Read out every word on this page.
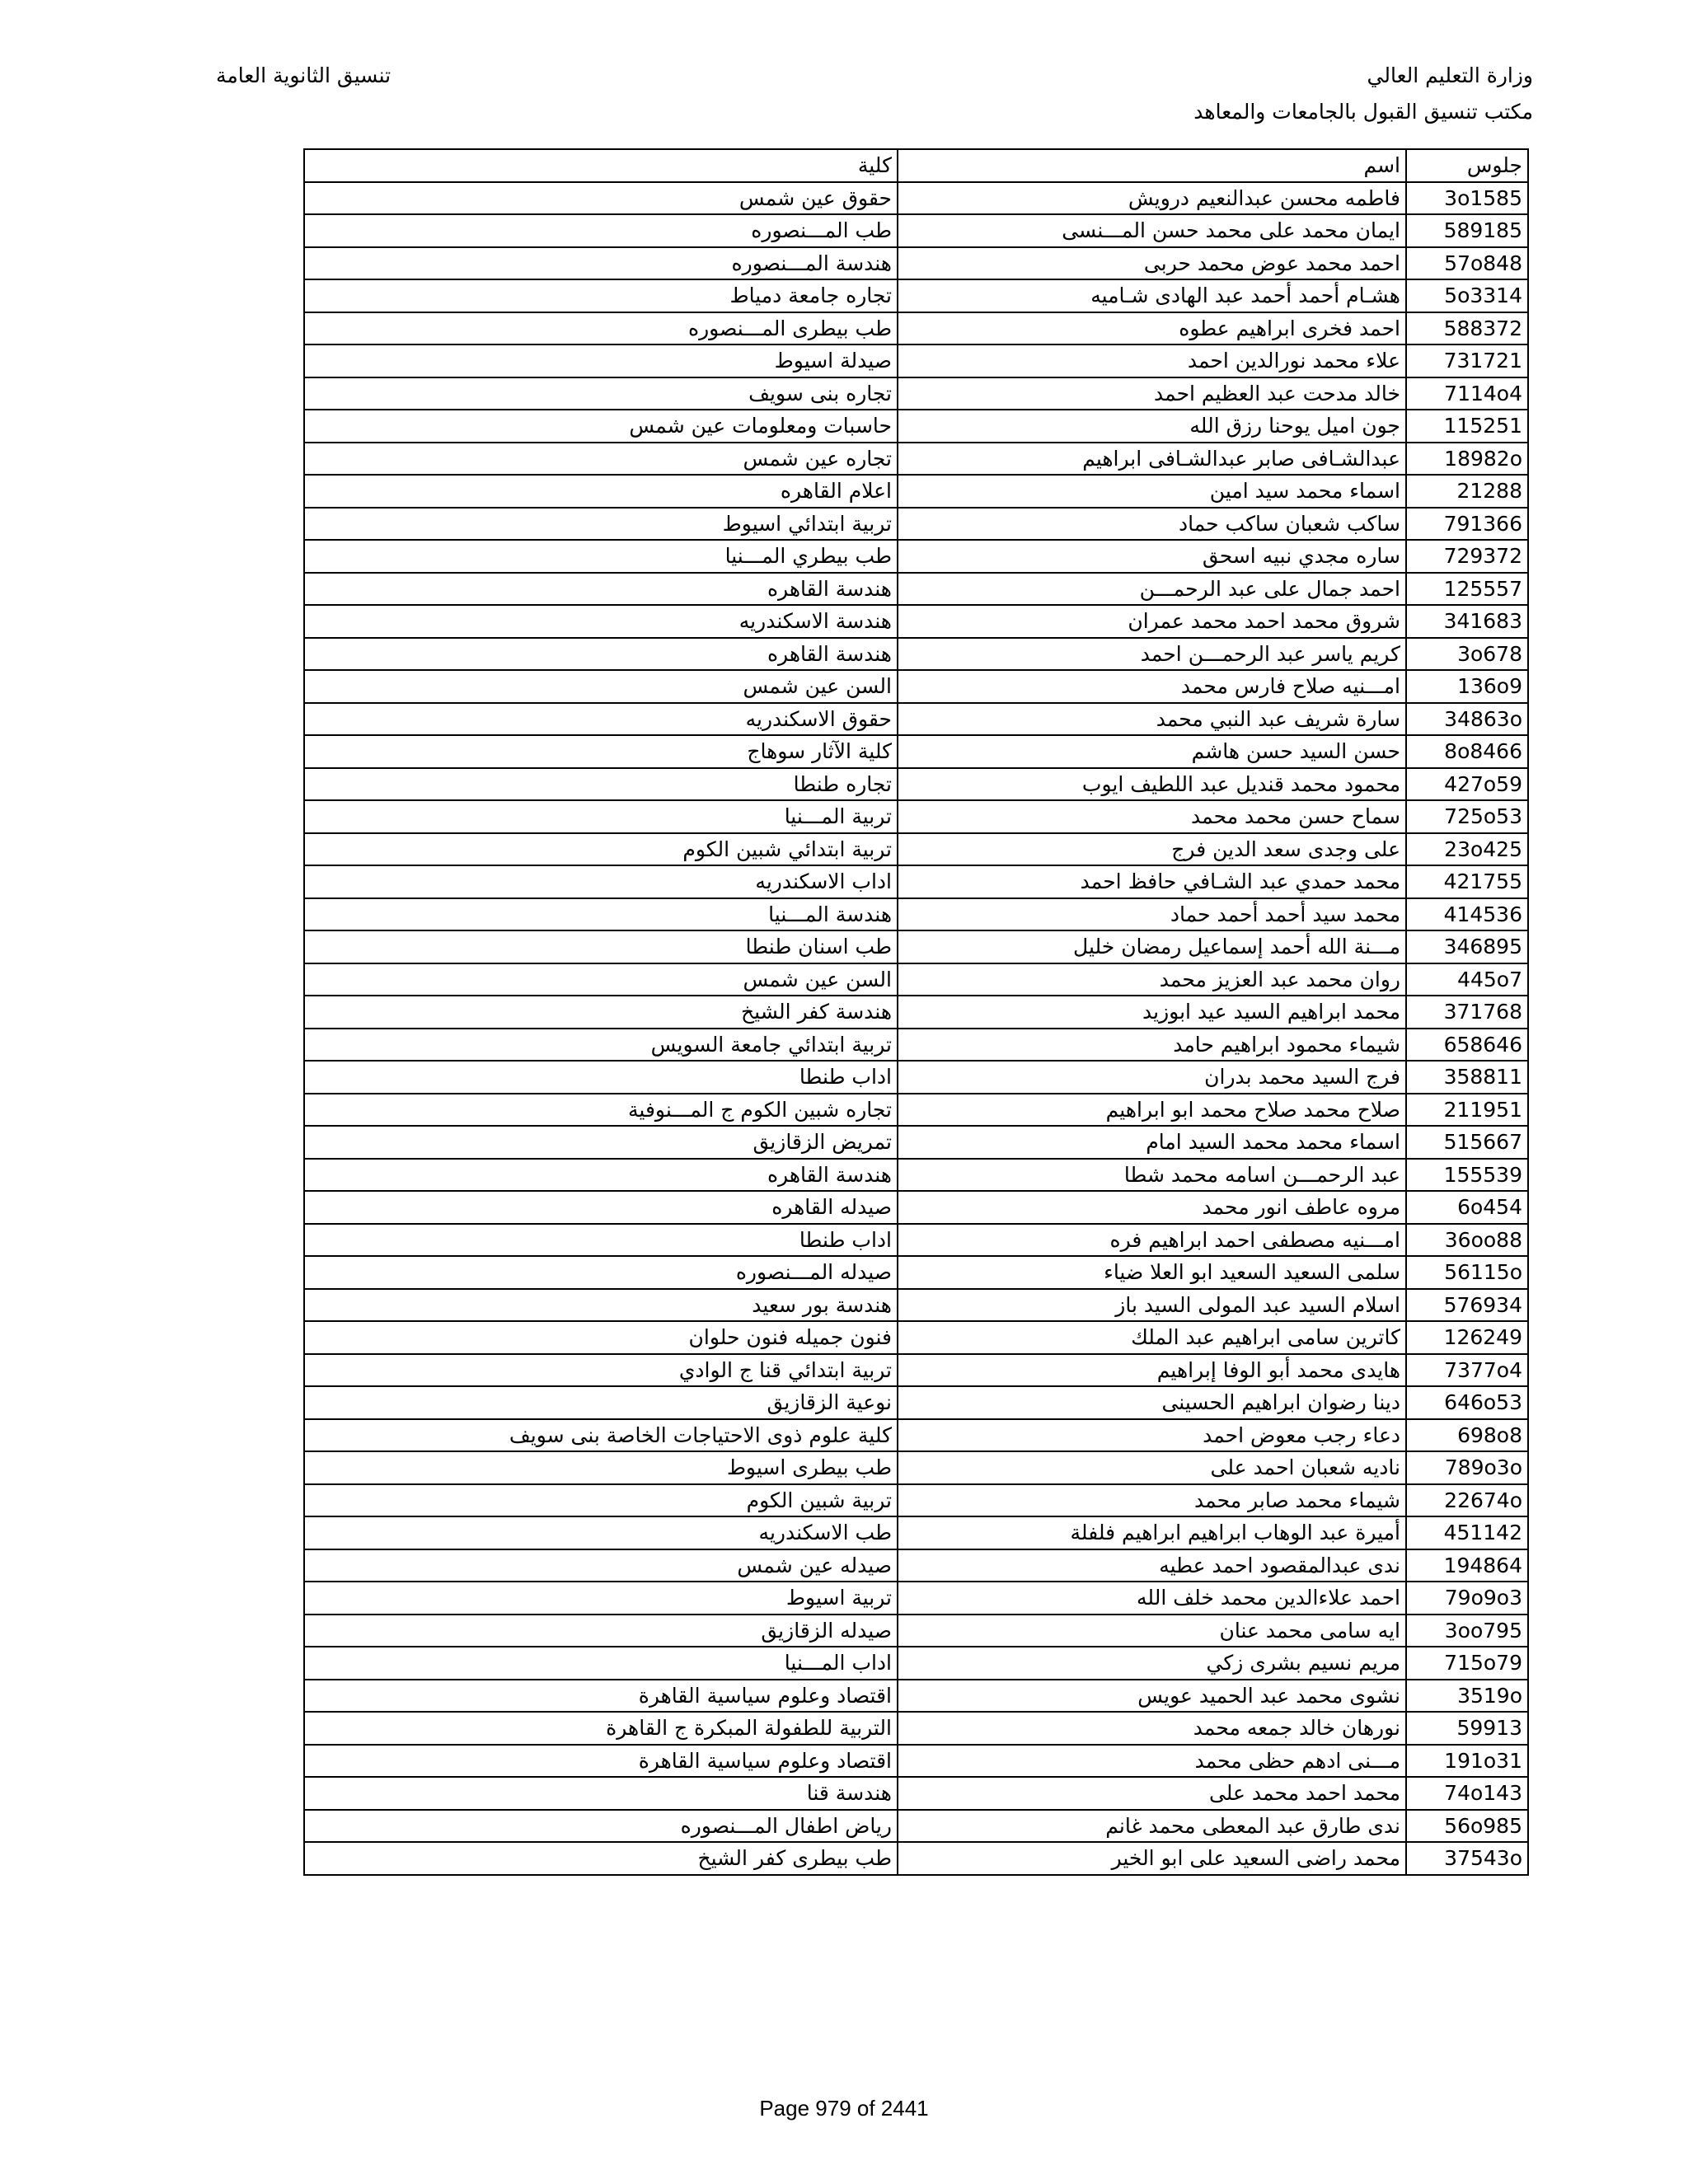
وزارة التعليم العالي
مكتب تنسيق القبول بالجامعات والمعاهد
تنسيق الثانوية العامة
جلوس	اسم	كلية
3o1585	فاطمه محسن عبدالنعيم درويش	حقوق عين شمس
589185	ايمان محمد على محمد حسن المـــنسى	طب المـــنصوره
57o848	احمد محمد عوض محمد حربى	هندسة المـــنصوره
5o3314	هشـام أحمد أحمد عبد الهادى شـاميه	تجاره جامعة دمياط
588372	احمد فخرى ابراهيم عطوه	طب بيطرى المـــنصوره
731721	علاء محمد نورالدين احمد	صيدلة اسيوط
7114o4	خالد مدحت عبد العظيم احمد	تجاره بنى سويف
115251	جون اميل يوحنا رزق الله	حاسبات ومعلومات عين شمس
18982o	عبدالشـافى صابر عبدالشـافى ابراهيم	تجاره عين شمس
21288	اسماء محمد سيد امين	اعلام القاهره
791366	ساكب شعبان ساكب حماد	تربية ابتدائي اسيوط
729372	ساره مجدي نبيه اسحق	طب بيطري المـــنيا
125557	احمد جمال على عبد الرحمـــن	هندسة القاهره
341683	شروق محمد احمد محمد عمران	هندسة الاسكندريه
3o678	كريم ياسر عبد الرحمـــن احمد	هندسة القاهره
136o9	امـــنيه صلاح فارس محمد	السن عين شمس
34863o	سارة شريف عبد النبي محمد	حقوق الاسكندريه
8o8466	حسن السيد حسن هاشم	كلية الآثار سوهاج
427o59	محمود محمد قنديل عبد اللطيف ايوب	تجاره طنطا
725o53	سماح حسن محمد محمد	تربية المـــنيا
23o425	على وجدى سعد الدين فرج	تربية ابتدائي شبين الكوم
421755	محمد حمدي عبد الشـافي حافظ احمد	اداب الاسكندريه
414536	محمد سيد أحمد أحمد حماد	هندسة المـــنيا
346895	مـــنة الله أحمد إسماعيل رمضان خليل	طب اسنان طنطا
445o7	روان محمد عبد العزيز محمد	السن عين شمس
371768	محمد ابراهيم السيد عيد ابوزيد	هندسة كفر الشيخ
658646	شيماء محمود ابراهيم حامد	تربية ابتدائي جامعة السويس
358811	فرج السيد محمد بدران	اداب طنطا
211951	صلاح محمد صلاح محمد ابو ابراهيم	تجاره شبين الكوم ج المـــنوفية
515667	اسماء محمد محمد السيد امام	تمريض الزقازيق
155539	عبد الرحمـــن اسامه محمد شطا	هندسة القاهره
6o454	مروه عاطف انور محمد	صيدله القاهره
36oo88	امـــنيه مصطفى احمد ابراهيم فره	اداب طنطا
56115o	سلمى السعيد السعيد ابو العلا ضياء	صيدله المـــنصوره
576934	اسلام السيد عبد المولى السيد باز	هندسة بور سعيد
126249	كاترين سامى ابراهيم عبد الملك	فنون جميله فنون حلوان
7377o4	هايدى محمد أبو الوفا إبراهيم	تربية ابتدائي قنا ج الوادي
646o53	دينا رضوان ابراهيم الحسينى	نوعية الزقازيق
698o8	دعاء رجب معوض احمد	كلية علوم ذوى الاحتياجات الخاصة بنى سويف
789o3o	ناديه شعبان احمد على	طب بيطرى اسيوط
22674o	شيماء محمد صابر محمد	تربية شبين الكوم
451142	أميرة عبد الوهاب ابراهيم ابراهيم فلفلة	طب الاسكندريه
194864	ندى عبدالمقصود احمد عطيه	صيدله عين شمس
79o9o3	احمد علاءالدين محمد خلف الله	تربية اسيوط
3oo795	ايه سامى محمد عنان	صيدله الزقازيق
715o79	مريم نسيم بشرى زكي	اداب المـــنيا
3519o	نشوى محمد عبد الحميد عويس	اقتصاد وعلوم سياسية القاهرة
59913	نورهان خالد جمعه محمد	التربية للطفولة المبكرة ج القاهرة
191o31	مـــنى ادهم حظى محمد	اقتصاد وعلوم سياسية القاهرة
74o143	محمد احمد محمد على	هندسة قنا
56o985	ندى طارق عبد المعطى محمد غانم	رياض اطفال المـــنصوره
37543o	محمد راضى السعيد على ابو الخير	طب بيطرى كفر الشيخ
Page 979 of 2441
